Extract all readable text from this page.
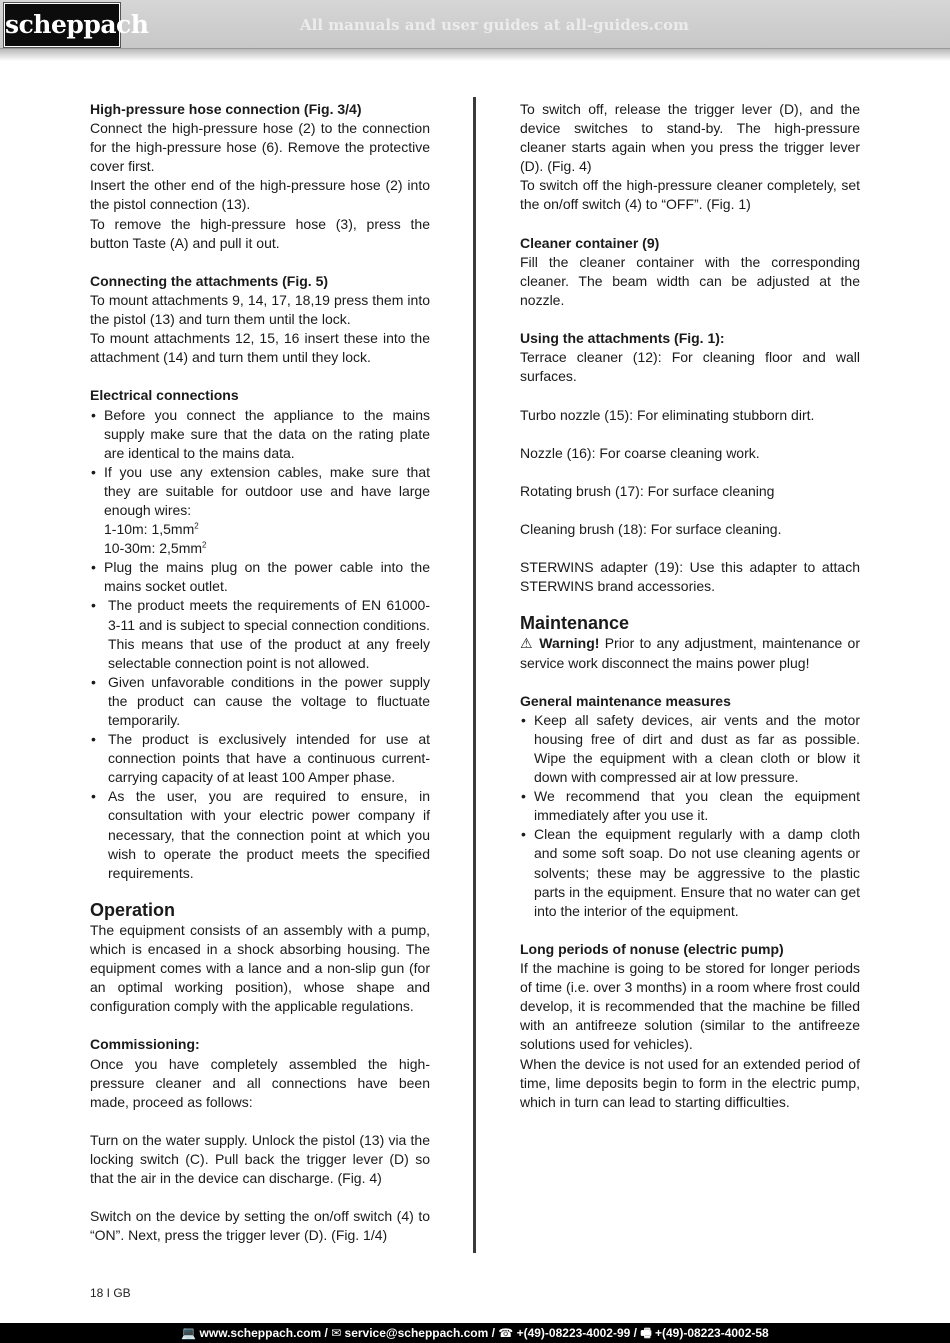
scheppach	All manuals and user guides at all-guides.com
High-pressure hose connection (Fig. 3/4)

Connect the high-pressure hose (2) to the connection for the high-pressure hose (6). Remove the protective cover first.

Insert the other end of the high-pressure hose (2) into the pistol connection (13).

To remove the high-pressure hose (3), press the button Taste (A) and pull it out.

Connecting the attachments (Fig. 5)

To mount attachments 9, 14, 17, 18,19 press them into the pistol (13) and turn them until the lock.

To mount attachments 12, 15, 16 insert these into the attachment (14) and turn them until they lock.

Electrical connections
• Before you connect the appliance to the mains supply make sure that the data on the rating plate are identical to the mains data.
• If you use any extension cables, make sure that they are suitable for outdoor use and have large enough wires:
1-10m: $1,5mm^2$
10-30m: $2,5mm^2$
• Plug the mains plug on the power cable into the mains socket outlet.
• The product meets the requirements of EN 61000-3-11 and is subject to special connection conditions. This means that use of the product at any freely selectable connection point is not allowed.
• Given unfavorable conditions in the power supply the product can cause the voltage to fluctuate temporarily.
• The product is exclusively intended for use at connection points that have a continuous current-carrying capacity of at least 100 Amper phase.
• As the user, you are required to ensure, in consultation with your electric power company if necessary, that the connection point at which you wish to operate the product meets the specified requirements.
Operation

The equipment consists of an assembly with a pump, which is encased in a shock absorbing housing. The equipment comes with a lance and a non-slip gun (for an optimal working position), whose shape and configuration comply with the applicable regulations.

Commissioning:

Once you have completely assembled the high-pressure cleaner and all connections have been made, proceed as follows:

Turn on the water supply. Unlock the pistol (13) via the locking switch (C). Pull back the trigger lever (D) so that the air in the device can discharge. (Fig. 4)

Switch on the device by setting the on/off switch (4) to “ON”. Next, press the trigger lever (D). (Fig. 1/4)

To switch off, release the trigger lever (D), and the device switches to stand-by. The high-pressure cleaner starts again when you press the trigger lever (D). (Fig. 4)

To switch off the high-pressure cleaner completely, set the on/off switch (4) to “OFF”. (Fig. 1)

Cleaner container (9)

Fill the cleaner container with the corresponding cleaner. The beam width can be adjusted at the nozzle.

Using the attachments (Fig. 1):

Terrace cleaner (12): For cleaning floor and wall surfaces.

Turbo nozzle (15): For eliminating stubborn dirt.

Nozzle (16): For coarse cleaning work.

Rotating brush (17): For surface cleaning

Cleaning brush (18): For surface cleaning.

STERWINS adapter (19): Use this adapter to attach STERWINS brand accessories.

Maintenance

⚠ Warning! Prior to any adjustment, maintenance or service work disconnect the mains power plug!

General maintenance measures
• Keep all safety devices, air vents and the motor housing free of dirt and dust as far as possible. Wipe the equipment with a clean cloth or blow it down with compressed air at low pressure.
• We recommend that you clean the equipment immediately after you use it.
• Clean the equipment regularly with a damp cloth and some soft soap. Do not use cleaning agents or solvents; these may be aggressive to the plastic parts in the equipment. Ensure that no water can get into the interior of the equipment.
Long periods of nonuse (electric pump)

If the machine is going to be stored for longer periods of time (i.e. over 3 months) in a room where frost could develop, it is recommended that the machine be filled with an antifreeze solution (similar to the antifreeze solutions used for vehicles).

When the device is not used for an extended period of time, lime deposits begin to form in the electric pump, which in turn can lead to starting difficulties.

18 I GB
💻 www.scheppach.com / ✉ service@scheppach.com / ☎ +(49)-08223-4002-99 / 🖷 +(49)-08223-4002-58
